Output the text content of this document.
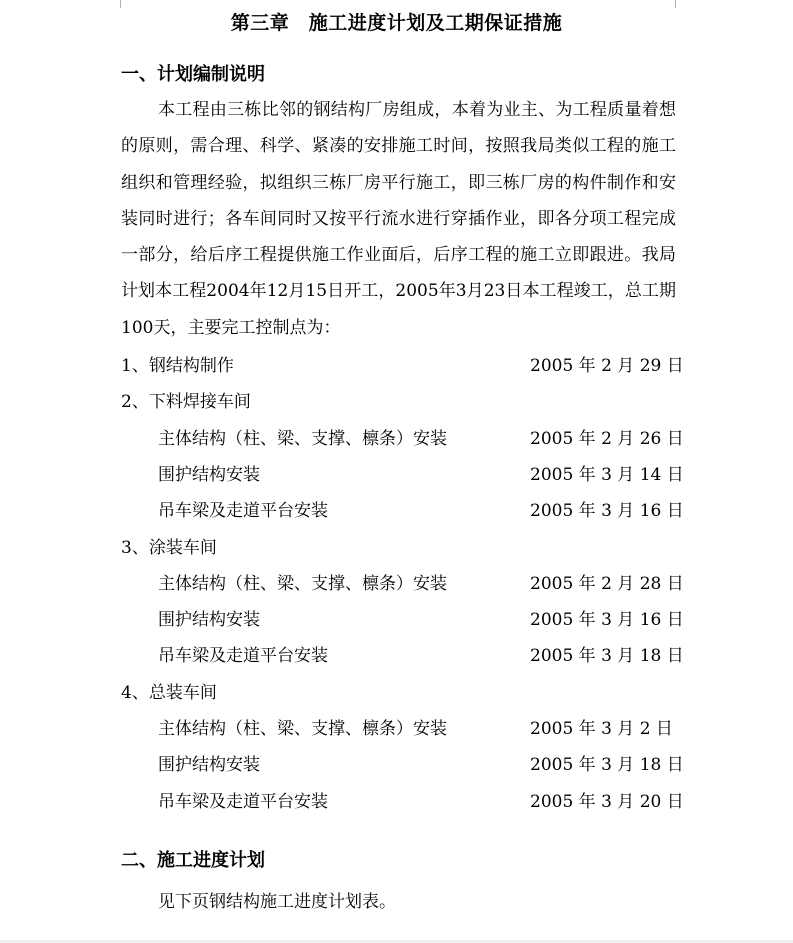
第三章　施工进度计划及工期保证措施
一、计划编制说明
本工程由三栋比邻的钢结构厂房组成，本着为业主、为工程质量着想的原则，需合理、科学、紧凑的安排施工时间，按照我局类似工程的施工组织和管理经验，拟组织三栋厂房平行施工，即三栋厂房的构件制作和安装同时进行；各车间同时又按平行流水进行穿插作业，即各分项工程完成一部分，给后序工程提供施工作业面后，后序工程的施工立即跟进。我局计划本工程2004年12月15日开工，2005年3月23日本工程竣工，总工期100天，主要完工控制点为：
1、钢结构制作	2005 年 2 月 29 日
2、下料焊接车间
主体结构（柱、梁、支撑、檩条）安装	2005 年 2 月 26 日
围护结构安装	2005 年 3 月 14 日
吊车梁及走道平台安装	2005 年 3 月 16 日
3、涂装车间
主体结构（柱、梁、支撑、檩条）安装	2005 年 2 月 28 日
围护结构安装	2005 年 3 月 16 日
吊车梁及走道平台安装	2005 年 3 月 18 日
4、总装车间
主体结构（柱、梁、支撑、檩条）安装	2005 年 3 月 2 日
围护结构安装	2005 年 3 月 18 日
吊车梁及走道平台安装	2005 年 3 月 20 日
二、施工进度计划
见下页钢结构施工进度计划表。
